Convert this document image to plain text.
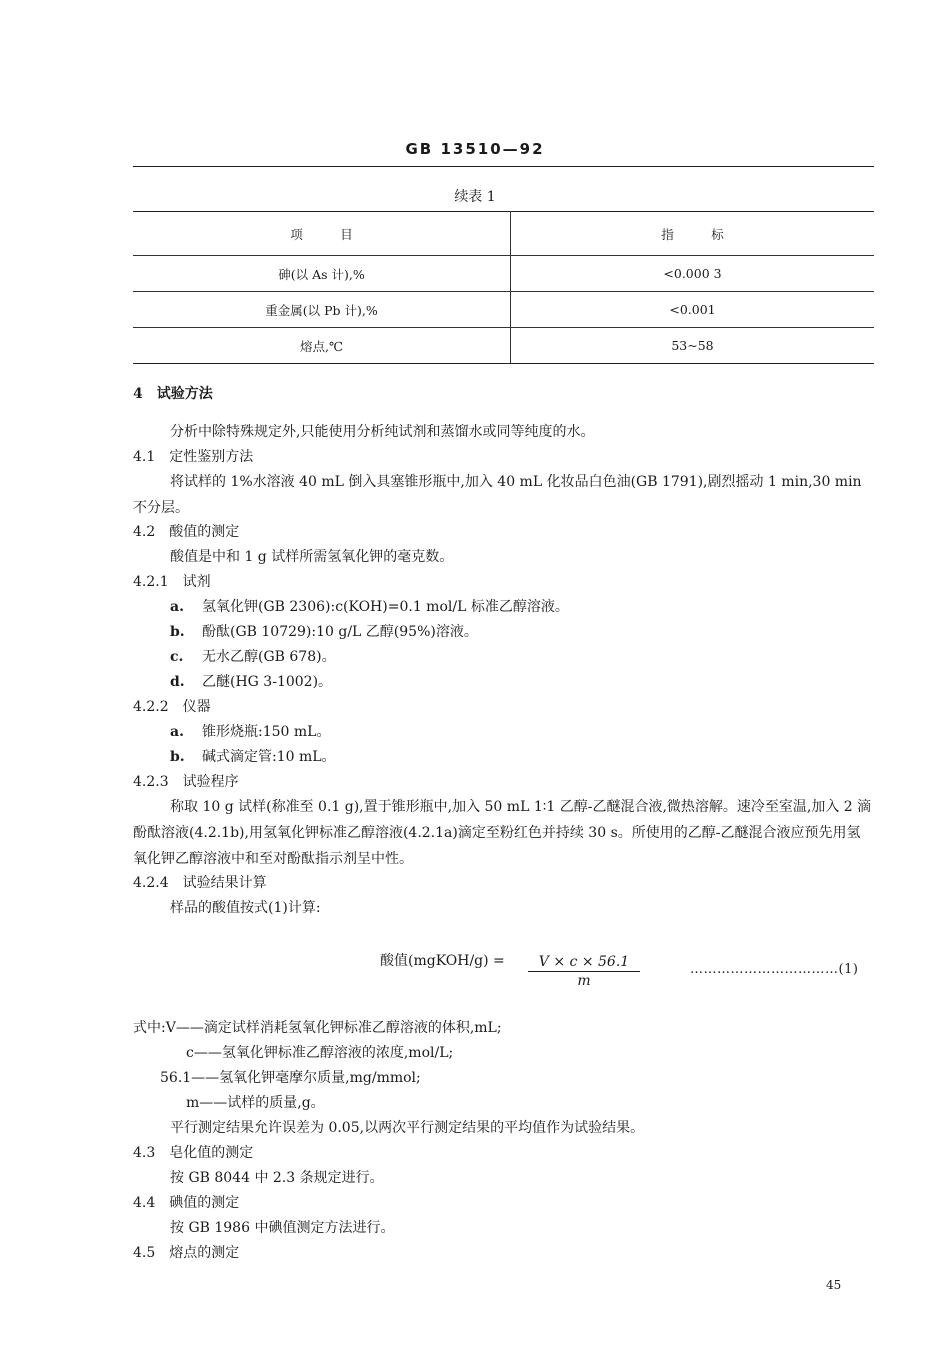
GB 13510—92
续表 1
项　　　目	指　　　标
砷(以 As 计),%	<0.000 3
重金属(以 Pb 计),%	<0.001
熔点,℃	53~58
4　试验方法
分析中除特殊规定外,只能使用分析纯试剂和蒸馏水或同等纯度的水。
4.1　定性鉴别方法
将试样的 1%水溶液 40 mL 倒入具塞锥形瓶中,加入 40 mL 化妆品白色油(GB 1791),剧烈摇动 1 min,30 min 不分层。
4.2　酸值的测定
酸值是中和 1 g 试样所需氢氧化钾的毫克数。
4.2.1　试剂
a. 氢氧化钾(GB 2306):c(KOH)=0.1 mol/L 标准乙醇溶液。
b. 酚酞(GB 10729):10 g/L 乙醇(95%)溶液。
c. 无水乙醇(GB 678)。
d. 乙醚(HG 3-1002)。
4.2.2　仪器
a. 锥形烧瓶:150 mL。
b. 碱式滴定管:10 mL。
4.2.3　试验程序
称取 10 g 试样(称准至 0.1 g),置于锥形瓶中,加入 50 mL 1∶1 乙醇-乙醚混合液,微热溶解。速冷至室温,加入 2 滴酚酞溶液(4.2.1b),用氢氧化钾标准乙醇溶液(4.2.1a)滴定至粉红色并持续 30 s。所使用的乙醇-乙醚混合液应预先用氢氧化钾乙醇溶液中和至对酚酞指示剂呈中性。
4.2.4　试验结果计算
样品的酸值按式(1)计算:
酸值(mgKOH/g) = $\frac{V \times c \times 56.1}{m}$	……………………………(1)
式中:V——滴定试样消耗氢氧化钾标准乙醇溶液的体积,mL;
c——氢氧化钾标准乙醇溶液的浓度,mol/L;
56.1——氢氧化钾毫摩尔质量,mg/mmol;
m——试样的质量,g。
平行测定结果允许误差为 0.05,以两次平行测定结果的平均值作为试验结果。
4.3　皂化值的测定
按 GB 8044 中 2.3 条规定进行。
4.4　碘值的测定
按 GB 1986 中碘值测定方法进行。
4.5　熔点的测定
45
